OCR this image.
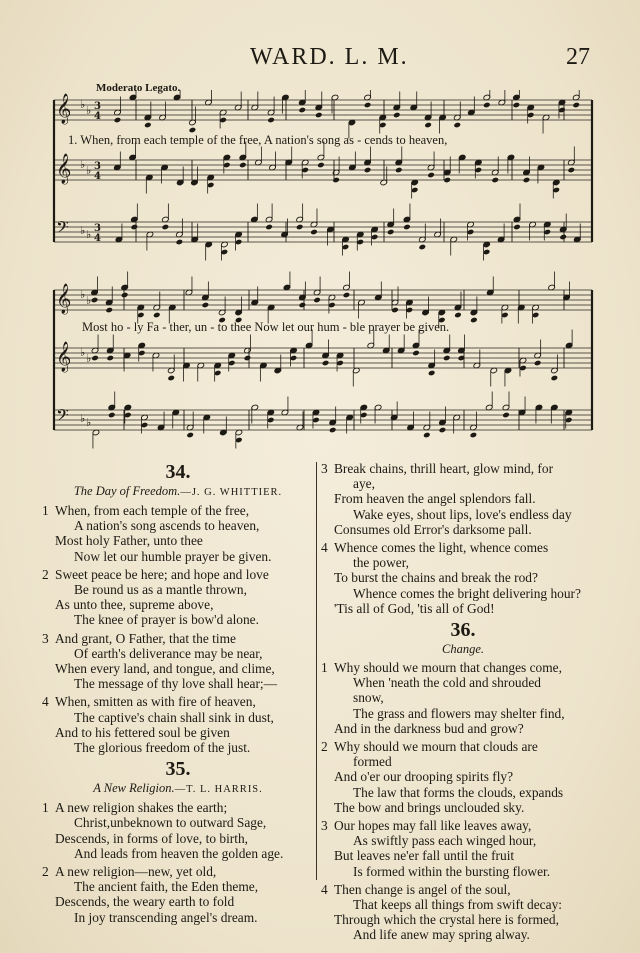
WARD. L. M.	27
Moderato Legato.
𝄞 ♭ ♭ 3
4
𝄞 ♭ ♭ 3
4
𝄢 ♭ ♭ 3
4
𝄞 ♭ ♭
𝄞 ♭ ♭
𝄢 ♭ ♭
1. When, from each temple of the free, A nation's song as - cends to heaven,
Most ho - ly Fa - ther, un - to thee Now let our hum - ble prayer be given.
34.
The Day of Freedom.—J. G. WHITTIER.
1 When, from each temple of the free,
A nation's song ascends to heaven,
Most holy Father, unto thee
Now let our humble prayer be given.
2 Sweet peace be here; and hope and love
Be round us as a mantle thrown,
As unto thee, supreme above,
The knee of prayer is bow'd alone.
3 And grant, O Father, that the time
Of earth's deliverance may be near,
When every land, and tongue, and clime,
The message of thy love shall hear;—
4 When, smitten as with fire of heaven,
The captive's chain shall sink in dust,
And to his fettered soul be given
The glorious freedom of the just.
35.
A New Religion.—T. L. HARRIS.
1 A new religion shakes the earth;
Christ,unbeknown to outward Sage,
Descends, in forms of love, to birth,
And leads from heaven the golden age.
2 A new religion—new, yet old,
The ancient faith, the Eden theme,
Descends, the weary earth to fold
In joy transcending angel's dream.
3 Break chains, thrill heart, glow mind, for
aye,
From heaven the angel splendors fall.
Wake eyes, shout lips, love's endless day
Consumes old Error's darksome pall.
4 Whence comes the light, whence comes
the power,
To burst the chains and break the rod?
Whence comes the bright delivering hour?
'Tis all of God, 'tis all of God!
36.
Change.
1 Why should we mourn that changes come,
When 'neath the cold and shrouded
snow,
The grass and flowers may shelter find,
And in the darkness bud and grow?
2 Why should we mourn that clouds are
formed
And o'er our drooping spirits fly?
The law that forms the clouds, expands
The bow and brings unclouded sky.
3 Our hopes may fall like leaves away,
As swiftly pass each winged hour,
But leaves ne'er fall until the fruit
Is formed within the bursting flower.
4 Then change is angel of the soul,
That keeps all things from swift decay:
Through which the crystal here is formed,
And life anew may spring alway.
